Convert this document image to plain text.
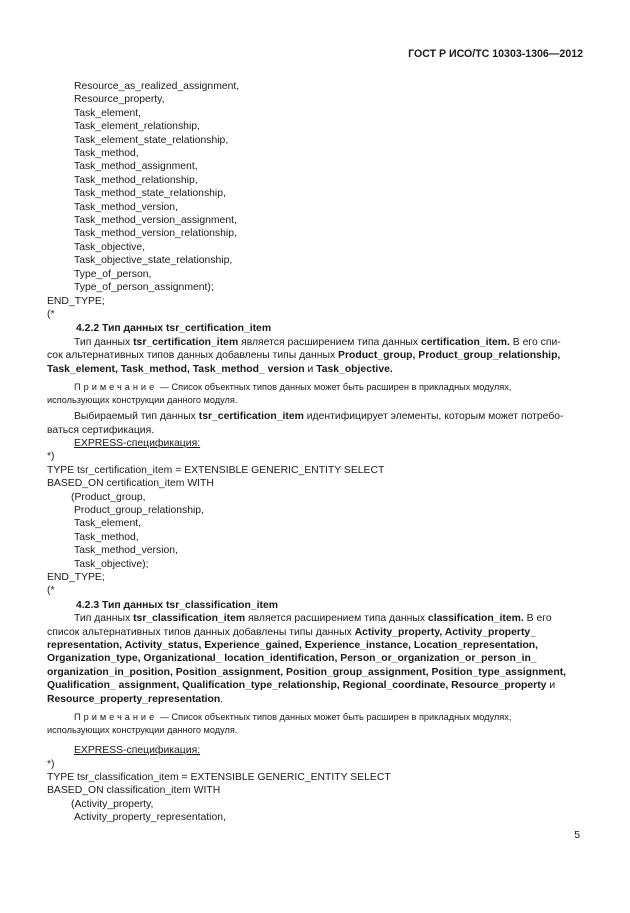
ГОСТ Р ИСО/ТС 10303-1306—2012
Resource_as_realized_assignment,
Resource_property,
Task_element,
Task_element_relationship,
Task_element_state_relationship,
Task_method,
Task_method_assignment,
Task_method_relationship,
Task_method_state_relationship,
Task_method_version,
Task_method_version_assignment,
Task_method_version_relationship,
Task_objective,
Task_objective_state_relationship,
Type_of_person,
Type_of_person_assignment);
END_TYPE;
(*
4.2.2 Тип данных tsr_certification_item
Тип данных tsr_certification_item является расширением типа данных certification_item. В его спи-
сок альтернативных типов данных добавлены типы данных Product_group, Product_group_relationship,
Task_element, Task_method, Task_method_ version и Task_objective.
Примечание — Список объектных типов данных может быть расширен в прикладных модулях,
использующих конструкции данного модуля.
Выбираемый тип данных tsr_certification_item идентифицирует элементы, которым может потребо-
ваться сертификация.
EXPRESS-спецификация:
*)
TYPE tsr_certification_item = EXTENSIBLE GENERIC_ENTITY SELECT
BASED_ON certification_item WITH
(Product_group,
Product_group_relationship,
Task_element,
Task_method,
Task_method_version,
Task_objective);
END_TYPE;
(*
4.2.3 Тип данных tsr_classification_item
Тип данных tsr_classification_item является расширением типа данных classification_item. В его
список альтернативных типов данных добавлены типы данных Activity_property, Activity_property_
representation, Activity_status, Experience_gained, Experience_instance, Location_representation,
Organization_type, Organizational_ location_identification, Person_or_organization_or_person_in_
organization_in_position, Position_assignment, Position_group_assignment, Position_type_assignment,
Qualification_ assignment, Qualification_type_relationship, Regional_coordinate, Resource_property и
Resource_property_representation.
Примечание — Список объектных типов данных может быть расширен в прикладных модулях,
использующих конструкции данного модуля.
EXPRESS-спецификация:
*)
TYPE tsr_classification_item = EXTENSIBLE GENERIC_ENTITY SELECT
BASED_ON classification_item WITH
(Activity_property,
Activity_property_representation,
5
